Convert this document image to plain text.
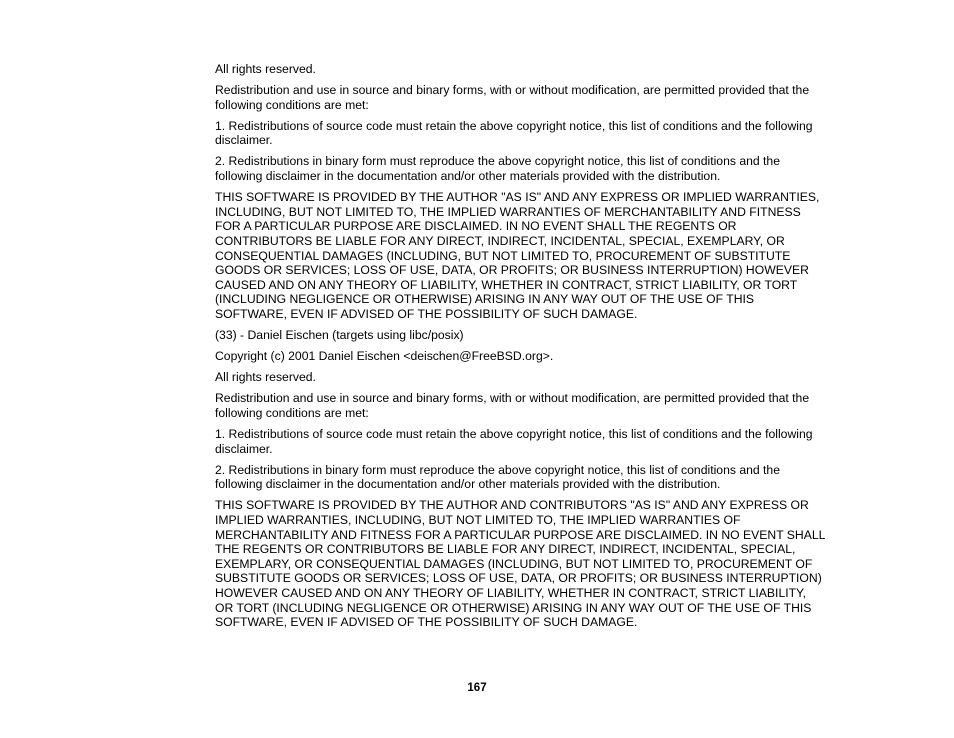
All rights reserved.

Redistribution and use in source and binary forms, with or without modification, are permitted provided that the following conditions are met:

1. Redistributions of source code must retain the above copyright notice, this list of conditions and the following disclaimer.

2. Redistributions in binary form must reproduce the above copyright notice, this list of conditions and the following disclaimer in the documentation and/or other materials provided with the distribution.

THIS SOFTWARE IS PROVIDED BY THE AUTHOR "AS IS" AND ANY EXPRESS OR IMPLIED WARRANTIES, INCLUDING, BUT NOT LIMITED TO, THE IMPLIED WARRANTIES OF MERCHANTABILITY AND FITNESS FOR A PARTICULAR PURPOSE ARE DISCLAIMED. IN NO EVENT SHALL THE REGENTS OR CONTRIBUTORS BE LIABLE FOR ANY DIRECT, INDIRECT, INCIDENTAL, SPECIAL, EXEMPLARY, OR CONSEQUENTIAL DAMAGES (INCLUDING, BUT NOT LIMITED TO, PROCUREMENT OF SUBSTITUTE GOODS OR SERVICES; LOSS OF USE, DATA, OR PROFITS; OR BUSINESS INTERRUPTION) HOWEVER CAUSED AND ON ANY THEORY OF LIABILITY, WHETHER IN CONTRACT, STRICT LIABILITY, OR TORT (INCLUDING NEGLIGENCE OR OTHERWISE) ARISING IN ANY WAY OUT OF THE USE OF THIS SOFTWARE, EVEN IF ADVISED OF THE POSSIBILITY OF SUCH DAMAGE.

(33) - Daniel Eischen (targets using libc/posix)

Copyright (c) 2001 Daniel Eischen <deischen@FreeBSD.org>.

All rights reserved.

Redistribution and use in source and binary forms, with or without modification, are permitted provided that the following conditions are met:

1. Redistributions of source code must retain the above copyright notice, this list of conditions and the following disclaimer.

2. Redistributions in binary form must reproduce the above copyright notice, this list of conditions and the following disclaimer in the documentation and/or other materials provided with the distribution.

THIS SOFTWARE IS PROVIDED BY THE AUTHOR AND CONTRIBUTORS "AS IS" AND ANY EXPRESS OR IMPLIED WARRANTIES, INCLUDING, BUT NOT LIMITED TO, THE IMPLIED WARRANTIES OF MERCHANTABILITY AND FITNESS FOR A PARTICULAR PURPOSE ARE DISCLAIMED. IN NO EVENT SHALL THE REGENTS OR CONTRIBUTORS BE LIABLE FOR ANY DIRECT, INDIRECT, INCIDENTAL, SPECIAL, EXEMPLARY, OR CONSEQUENTIAL DAMAGES (INCLUDING, BUT NOT LIMITED TO, PROCUREMENT OF SUBSTITUTE GOODS OR SERVICES; LOSS OF USE, DATA, OR PROFITS; OR BUSINESS INTERRUPTION) HOWEVER CAUSED AND ON ANY THEORY OF LIABILITY, WHETHER IN CONTRACT, STRICT LIABILITY, OR TORT (INCLUDING NEGLIGENCE OR OTHERWISE) ARISING IN ANY WAY OUT OF THE USE OF THIS SOFTWARE, EVEN IF ADVISED OF THE POSSIBILITY OF SUCH DAMAGE.

167
